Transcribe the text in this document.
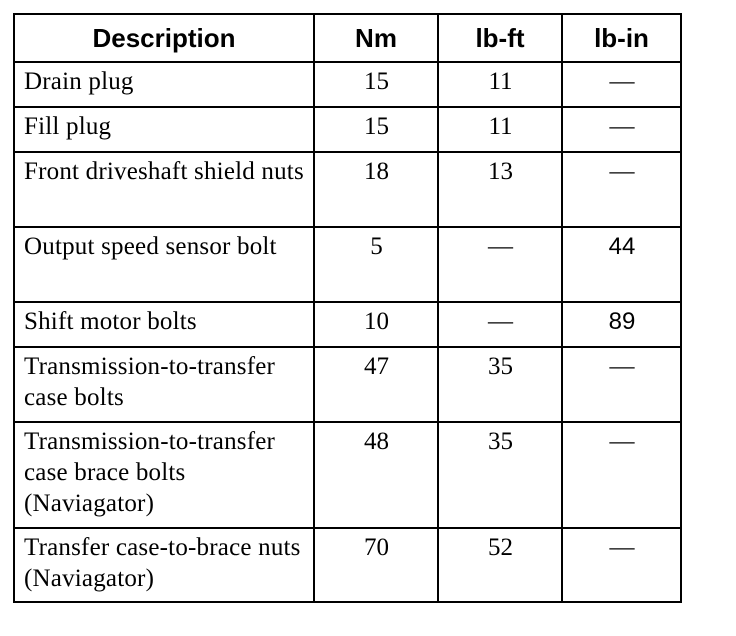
Description	Nm	lb-ft	lb-in
Drain plug	15	11	—
Fill plug	15	11	—
Front driveshaft shield nuts	18	13	—
Output speed sensor bolt	5	—	44
Shift motor bolts	10	—	89
Transmission-to-transfer case bolts	47	35	—
Transmission-to-transfer case brace bolts (Naviagator)	48	35	—
Transfer case-to-brace nuts (Naviagator)	70	52	—
